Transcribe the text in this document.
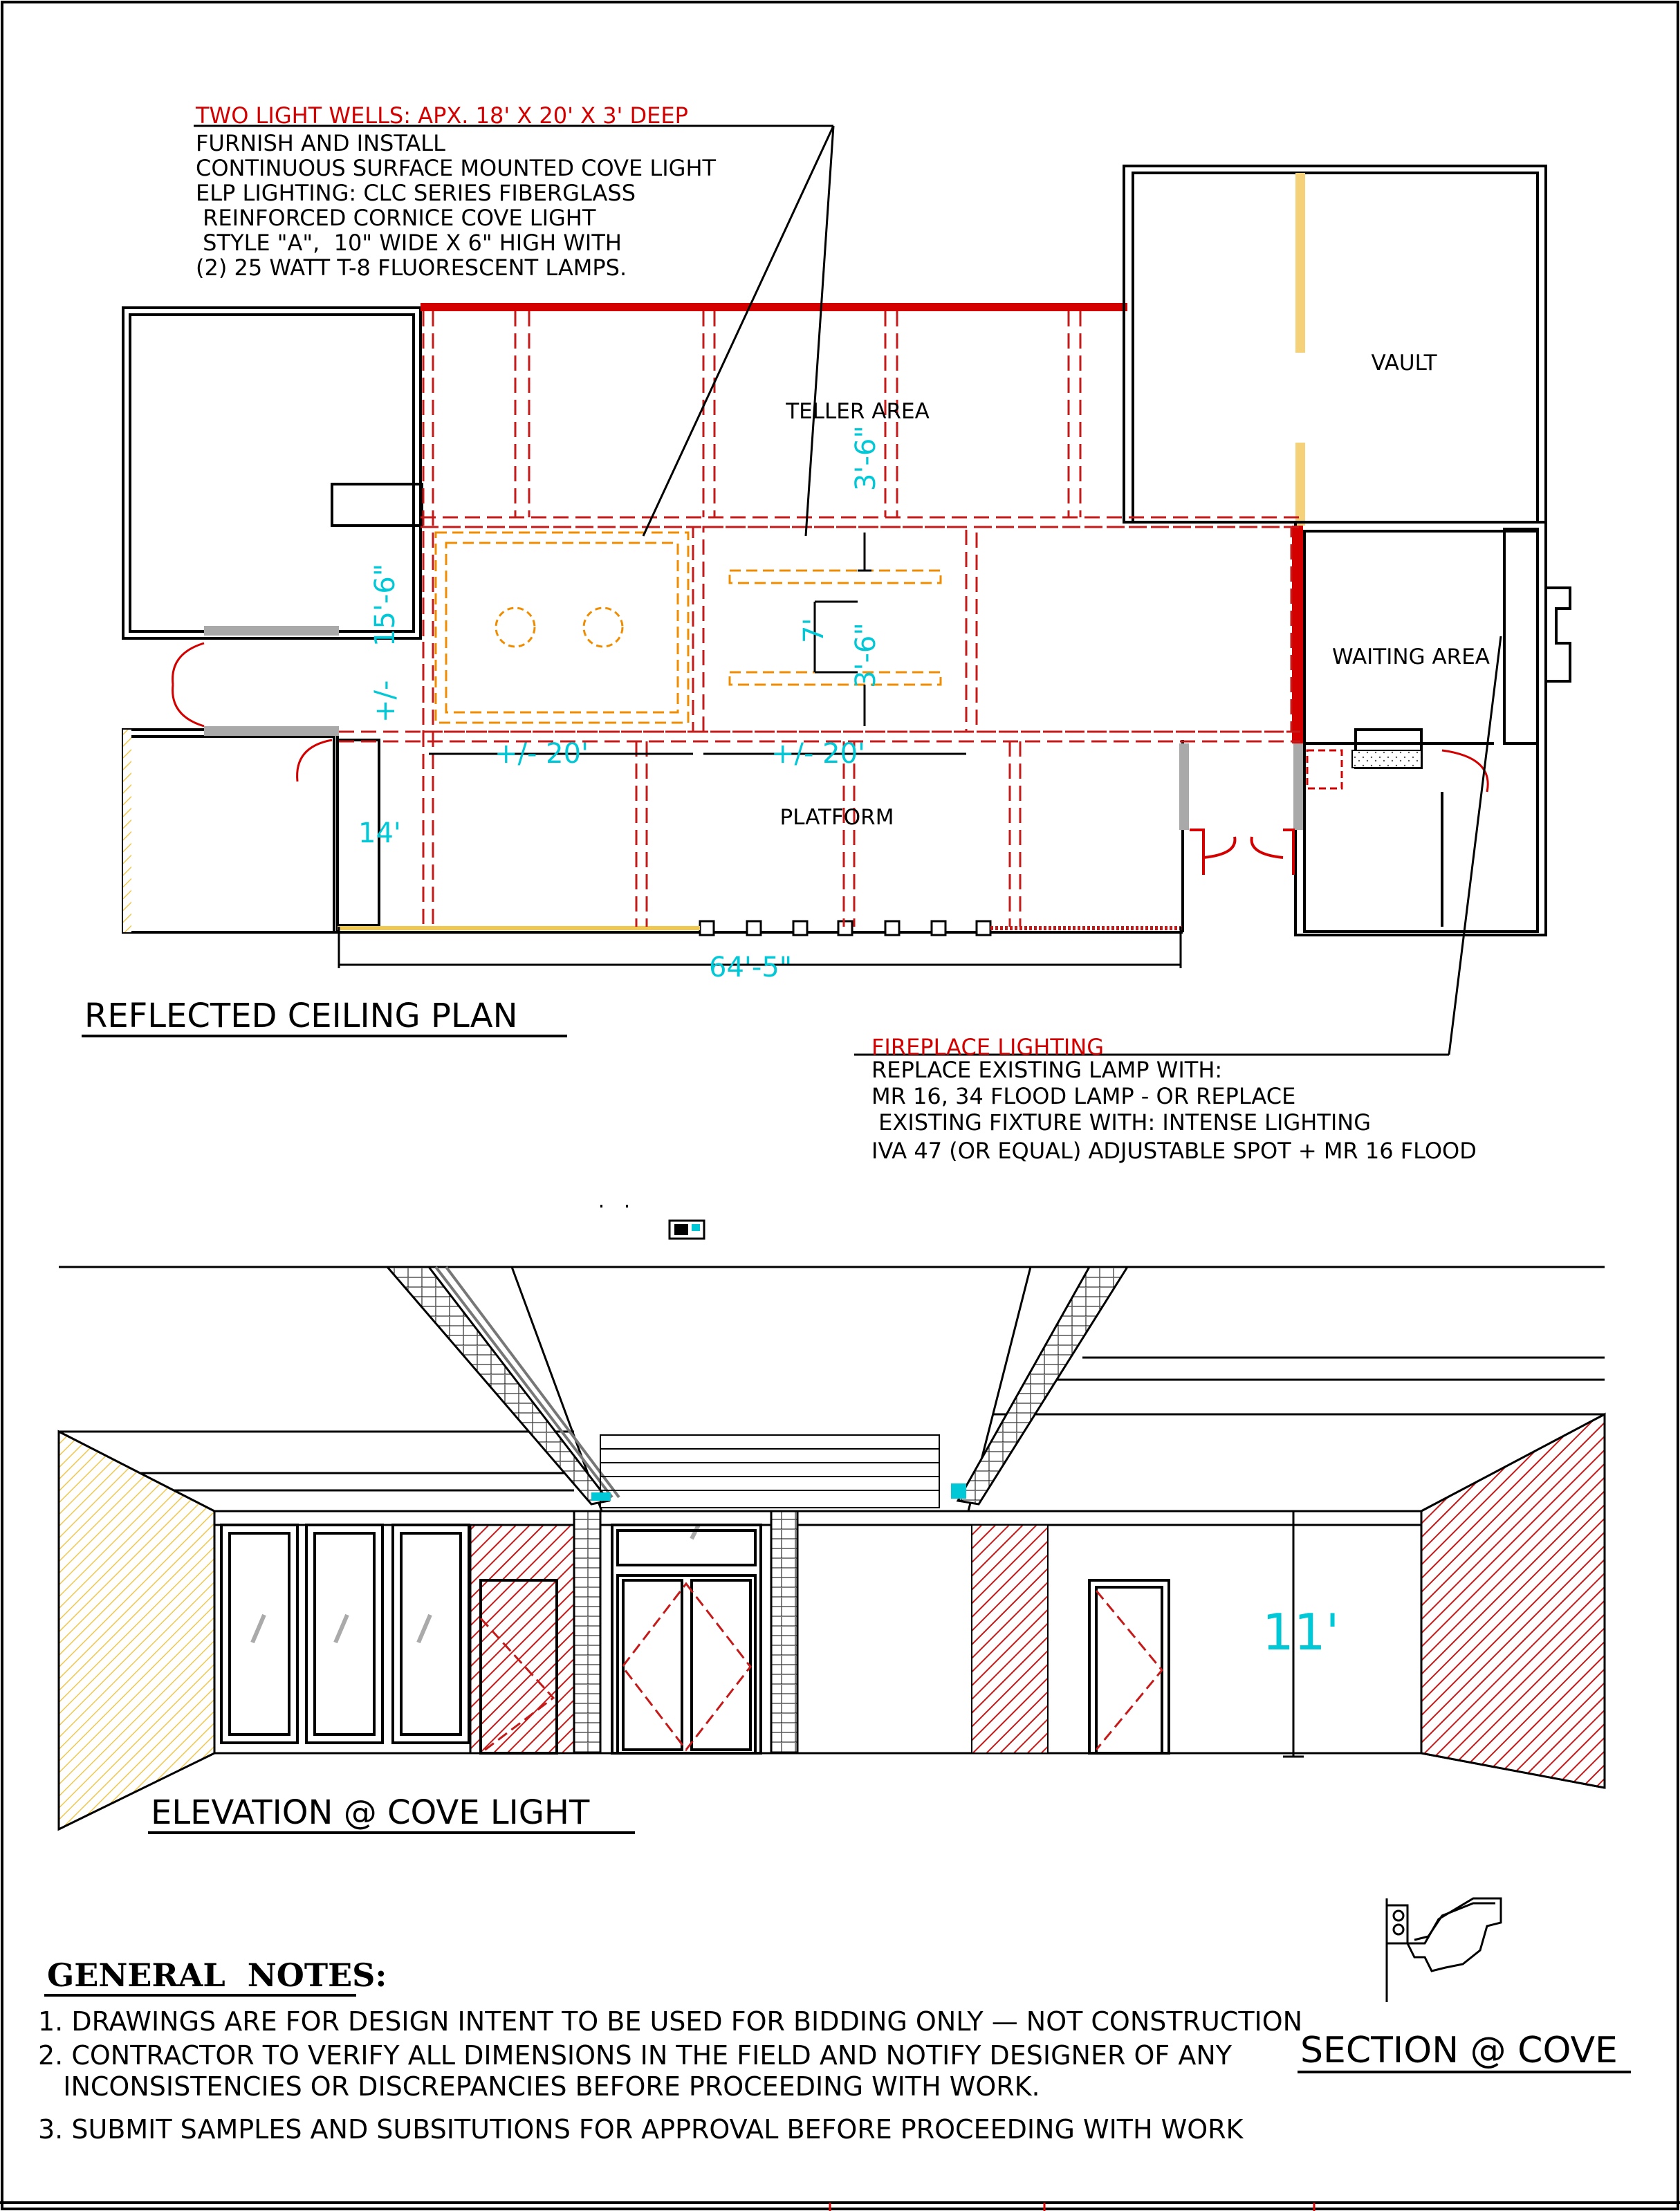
TELLER AREA
VAULT
WAITING AREA
PLATFORM
3'-6"
7' 3'-6"
15'-6"
+/-
+/- 20'	+/- 20'
14'
64'-5"
REFLECTED CEILING PLAN
TWO LIGHT WELLS: APX. 18' X 20' X 3' DEEP
FURNISH AND INSTALL
CONTINUOUS SURFACE MOUNTED COVE LIGHT
ELP LIGHTING: CLC SERIES FIBERGLASS
REINFORCED CORNICE COVE LIGHT
STYLE "A",  10" WIDE X 6" HIGH WITH
(2) 25 WATT T-8 FLUORESCENT LAMPS.
FIREPLACE LIGHTING
REPLACE EXISTING LAMP WITH:
MR 16, 34 FLOOD LAMP - OR REPLACE
EXISTING FIXTURE WITH: INTENSE LIGHTING
IVA 47 (OR EQUAL) ADJUSTABLE SPOT + MR 16 FLOOD
11'
ELEVATION @ COVE LIGHT
SECTION @ COVE
GENERAL  NOTES:
1. DRAWINGS ARE FOR DESIGN INTENT TO BE USED FOR BIDDING ONLY — NOT CONSTRUCTION
2. CONTRACTOR TO VERIFY ALL DIMENSIONS IN THE FIELD AND NOTIFY DESIGNER OF ANY
INCONSISTENCIES OR DISCREPANCIES BEFORE PROCEEDING WITH WORK.
3. SUBMIT SAMPLES AND SUBSITUTIONS FOR APPROVAL BEFORE PROCEEDING WITH WORK
